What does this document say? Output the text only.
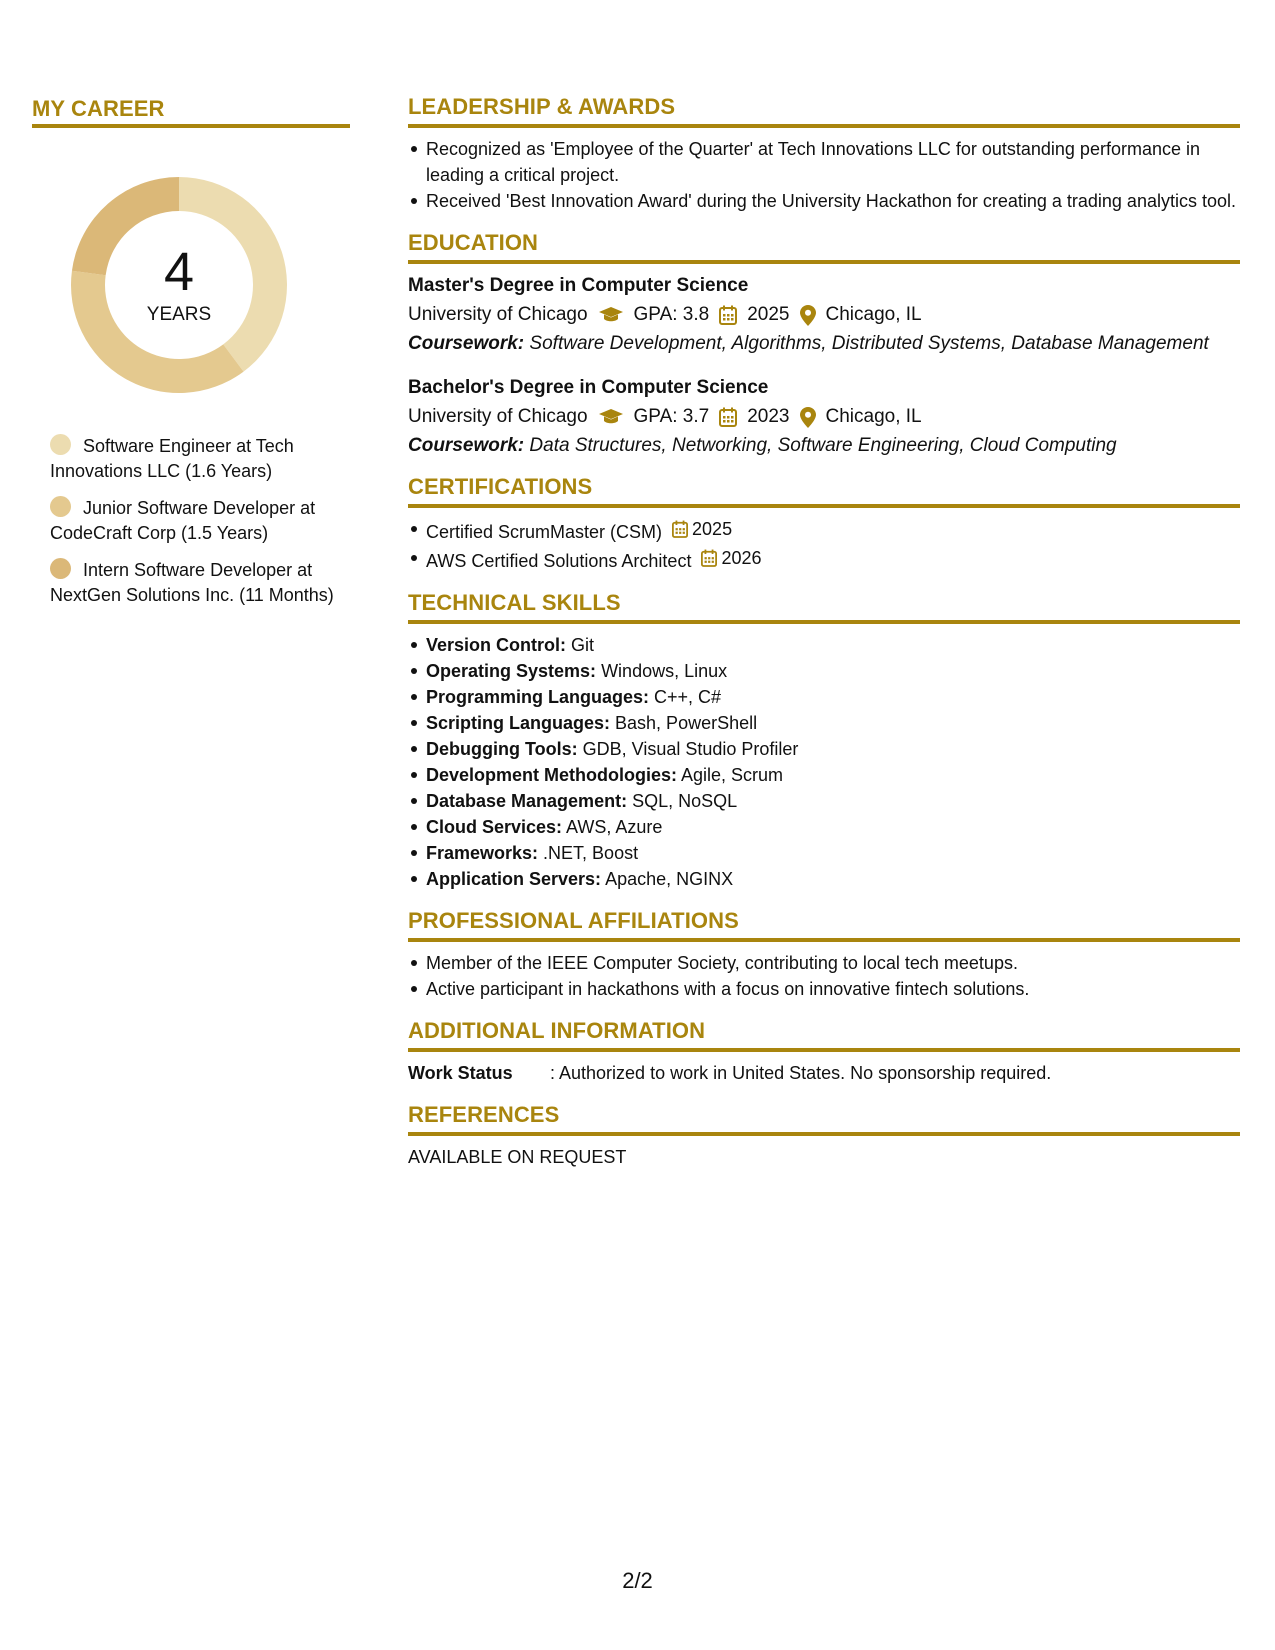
MY CAREER
4
YEARS
Software Engineer at Tech Innovations LLC (1.6 Years)
Junior Software Developer at CodeCraft Corp (1.5 Years)
Intern Software Developer at NextGen Solutions Inc. (11 Months)
LEADERSHIP & AWARDS
Recognized as 'Employee of the Quarter' at Tech Innovations LLC for outstanding performance in leading a critical project.
Received 'Best Innovation Award' during the University Hackathon for creating a trading analytics tool.
EDUCATION
Master's Degree in Computer Science
University of Chicago GPA: 3.8 2025 Chicago, IL
Coursework: Software Development, Algorithms, Distributed Systems, Database Management
Bachelor's Degree in Computer Science
University of Chicago GPA: 3.7 2023 Chicago, IL
Coursework: Data Structures, Networking, Software Engineering, Cloud Computing
CERTIFICATIONS
Certified ScrumMaster (CSM) 2025
AWS Certified Solutions Architect 2026
TECHNICAL SKILLS
Version Control: Git
Operating Systems: Windows, Linux
Programming Languages: C++, C#
Scripting Languages: Bash, PowerShell
Debugging Tools: GDB, Visual Studio Profiler
Development Methodologies: Agile, Scrum
Database Management: SQL, NoSQL
Cloud Services: AWS, Azure
Frameworks: .NET, Boost
Application Servers: Apache, NGINX
PROFESSIONAL AFFILIATIONS
Member of the IEEE Computer Society, contributing to local tech meetups.
Active participant in hackathons with a focus on innovative fintech solutions.
ADDITIONAL INFORMATION
Work Status	: Authorized to work in United States. No sponsorship required.
REFERENCES
AVAILABLE ON REQUEST
2/2
